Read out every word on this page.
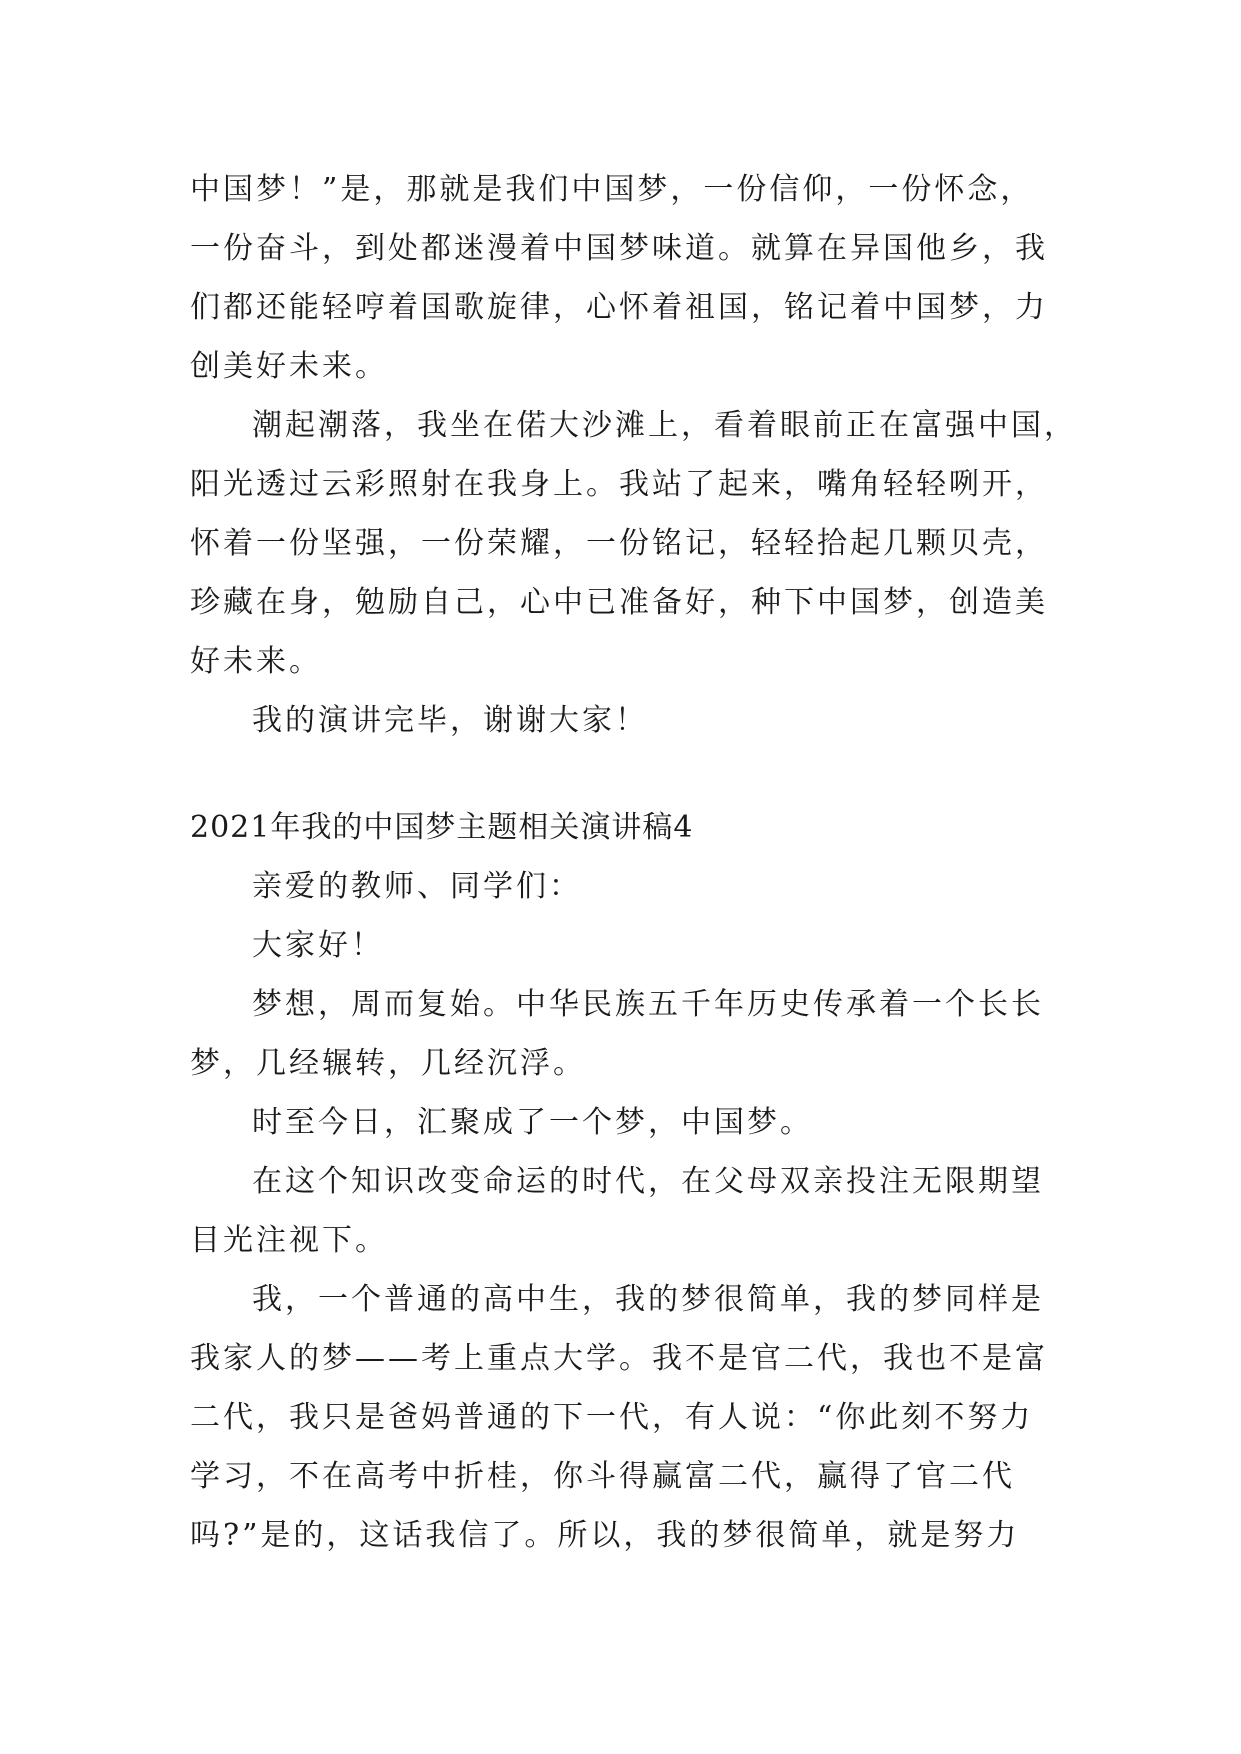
中国梦！”是，那就是我们中国梦，一份信仰，一份怀念，
一份奋斗，到处都迷漫着中国梦味道。就算在异国他乡，我
们都还能轻哼着国歌旋律，心怀着祖国，铭记着中国梦，力
创美好未来。
潮起潮落，我坐在偌大沙滩上，看着眼前正在富强中国，
阳光透过云彩照射在我身上。我站了起来，嘴角轻轻咧开，
怀着一份坚强，一份荣耀，一份铭记，轻轻拾起几颗贝壳，
珍藏在身，勉励自己，心中已准备好，种下中国梦，创造美
好未来。
我的演讲完毕，谢谢大家！
2021年我的中国梦主题相关演讲稿4
亲爱的教师、同学们：
大家好！
梦想，周而复始。中华民族五千年历史传承着一个长长
梦，几经辗转，几经沉浮。
时至今日，汇聚成了一个梦，中国梦。
在这个知识改变命运的时代，在父母双亲投注无限期望
目光注视下。
我，一个普通的高中生，我的梦很简单，我的梦同样是
我家人的梦——考上重点大学。我不是官二代，我也不是富
二代，我只是爸妈普通的下一代，有人说：“你此刻不努力
学习，不在高考中折桂，你斗得赢富二代，赢得了官二代
吗?”是的，这话我信了。所以，我的梦很简单，就是努力
